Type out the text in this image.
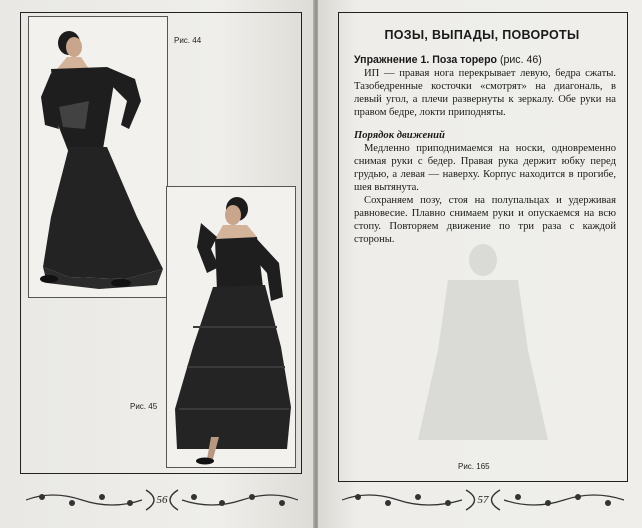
Рис. 44
Рис. 45
56
ПОЗЫ, ВЫПАДЫ, ПОВОРОТЫ

Упражнение 1. Поза тореро (рис. 46)

ИП — правая нога перекрывает левую, бедра сжаты. Тазобедренные косточки «смотрят» на диагональ, в левый угол, а плечи развернуты к зеркалу. Обе руки на правом бедре, локти приподняты.

Порядок движений

Медленно приподнимаемся на носки, одновременно снимая руки с бедер. Правая рука держит юбку перед грудью, а левая — наверху. Корпус находится в прогибе, шея вытянута.

Сохраняем позу, стоя на полупальцах и удерживая равновесие. Плавно снимаем руки и опускаемся на всю стопу. Повторяем движение по три раза с каждой стороны.

Рис. 165
57
